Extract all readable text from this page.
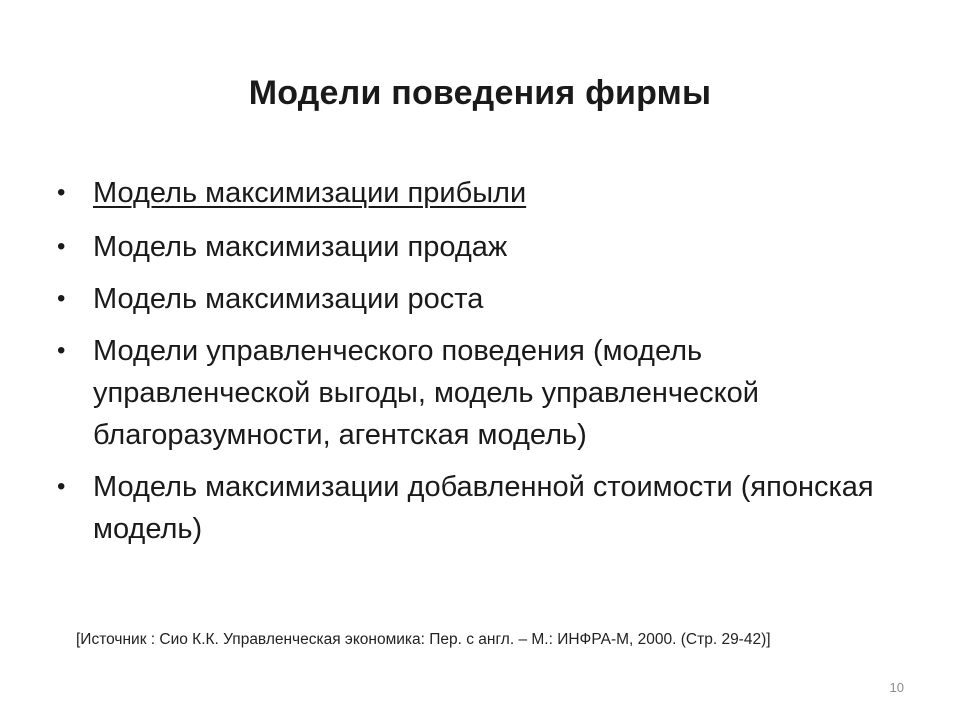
Модели поведения фирмы
• Модель максимизации прибыли
• Модель максимизации продаж
• Модель максимизации роста
• Модели управленческого поведения (модель управленческой выгоды, модель управленческой благоразумности, агентская модель)
• Модель максимизации добавленной стоимости (японская модель)
[Источник : Сио К.К. Управленческая экономика: Пер. с англ. – М.: ИНФРА-М, 2000. (Стр. 29-42)]
10
